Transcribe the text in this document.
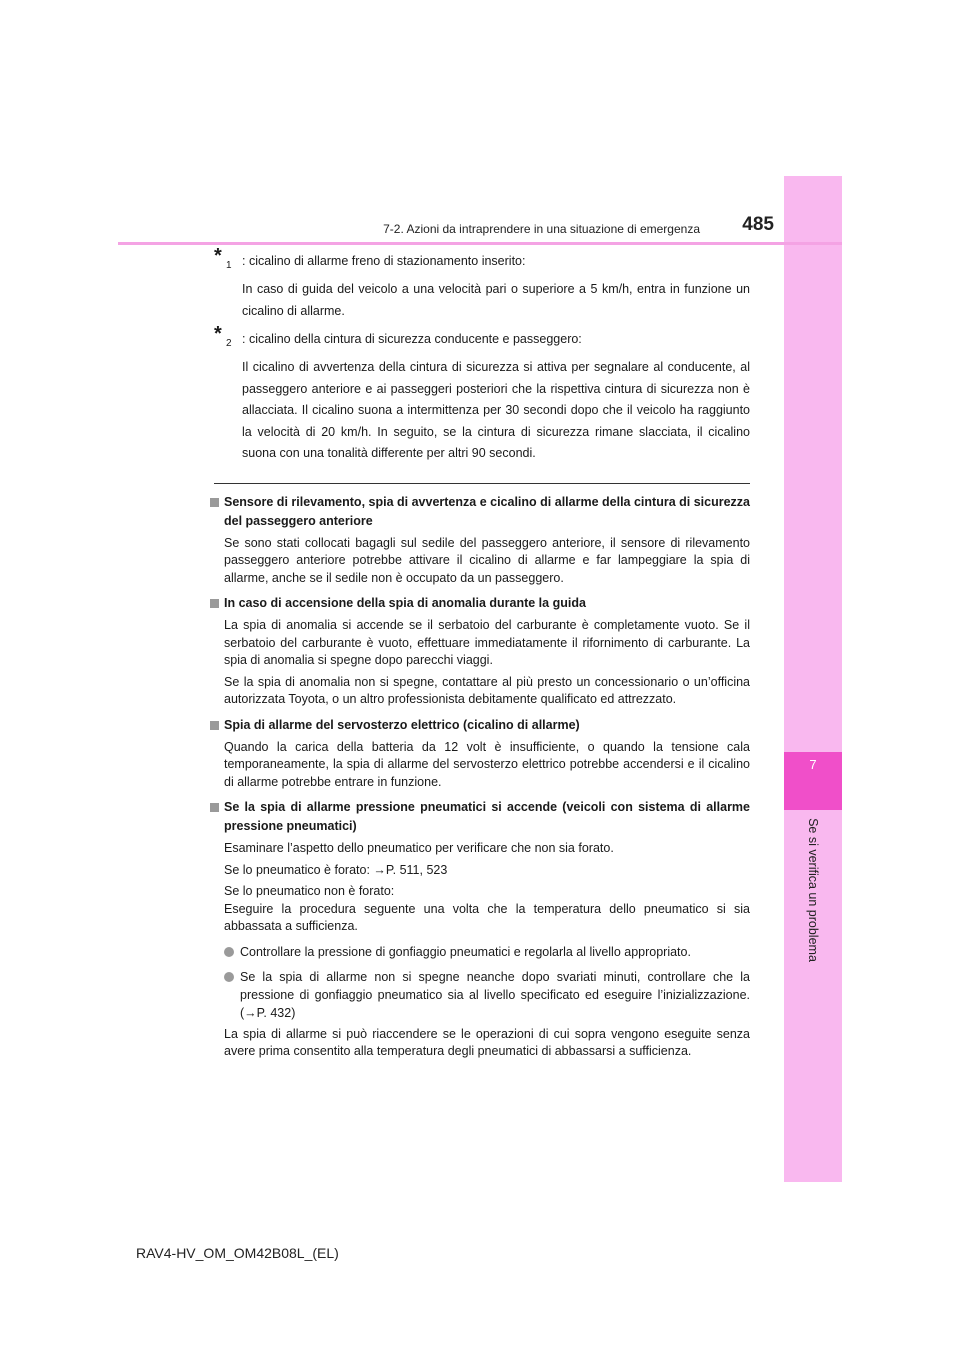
7
Se si verifica un problema
7-2. Azioni da intraprendere in una situazione di emergenza	485

* 1 : cicalino di allarme freno di stazionamento inserito:

In caso di guida del veicolo a una velocità pari o superiore a 5 km/h, entra in funzione un cicalino di allarme.

* 2 : cicalino della cintura di sicurezza conducente e passeggero:

Il cicalino di avvertenza della cintura di sicurezza si attiva per segnalare al conducente, al passeggero anteriore e ai passeggeri posteriori che la rispettiva cintura di sicurezza non è allacciata. Il cicalino suona a intermittenza per 30 secondi dopo che il veicolo ha raggiunto la velocità di 20 km/h. In seguito, se la cintura di sicurezza rimane slacciata, il cicalino suona con una tonalità differente per altri 90 secondi.

Sensore di rilevamento, spia di avvertenza e cicalino di allarme della cintura di sicurezza del passeggero anteriore

Se sono stati collocati bagagli sul sedile del passeggero anteriore, il sensore di rilevamento passeggero anteriore potrebbe attivare il cicalino di allarme e far lampeggiare la spia di allarme, anche se il sedile non è occupato da un passeggero.

In caso di accensione della spia di anomalia durante la guida

La spia di anomalia si accende se il serbatoio del carburante è completamente vuoto. Se il serbatoio del carburante è vuoto, effettuare immediatamente il rifornimento di carburante. La spia di anomalia si spegne dopo parecchi viaggi.

Se la spia di anomalia non si spegne, contattare al più presto un concessionario o un’officina autorizzata Toyota, o un altro professionista debitamente qualificato ed attrezzato.

Spia di allarme del servosterzo elettrico (cicalino di allarme)

Quando la carica della batteria da 12 volt è insufficiente, o quando la tensione cala temporaneamente, la spia di allarme del servosterzo elettrico potrebbe accendersi e il cicalino di allarme potrebbe entrare in funzione.

Se la spia di allarme pressione pneumatici si accende (veicoli con sistema di allarme pressione pneumatici)

Esaminare l’aspetto dello pneumatico per verificare che non sia forato.

Se lo pneumatico è forato: →P. 511, 523

Se lo pneumatico non è forato:
Eseguire la procedura seguente una volta che la temperatura dello pneumatico si sia abbassata a sufficienza.

Controllare la pressione di gonfiaggio pneumatici e regolarla al livello appropriato.

Se la spia di allarme non si spegne neanche dopo svariati minuti, controllare che la pressione di gonfiaggio pneumatico sia al livello specificato ed eseguire l’inizializzazione. (→P. 432)

La spia di allarme si può riaccendere se le operazioni di cui sopra vengono eseguite senza avere prima consentito alla temperatura degli pneumatici di abbassarsi a sufficienza.

RAV4-HV_OM_OM42B08L_(EL)
